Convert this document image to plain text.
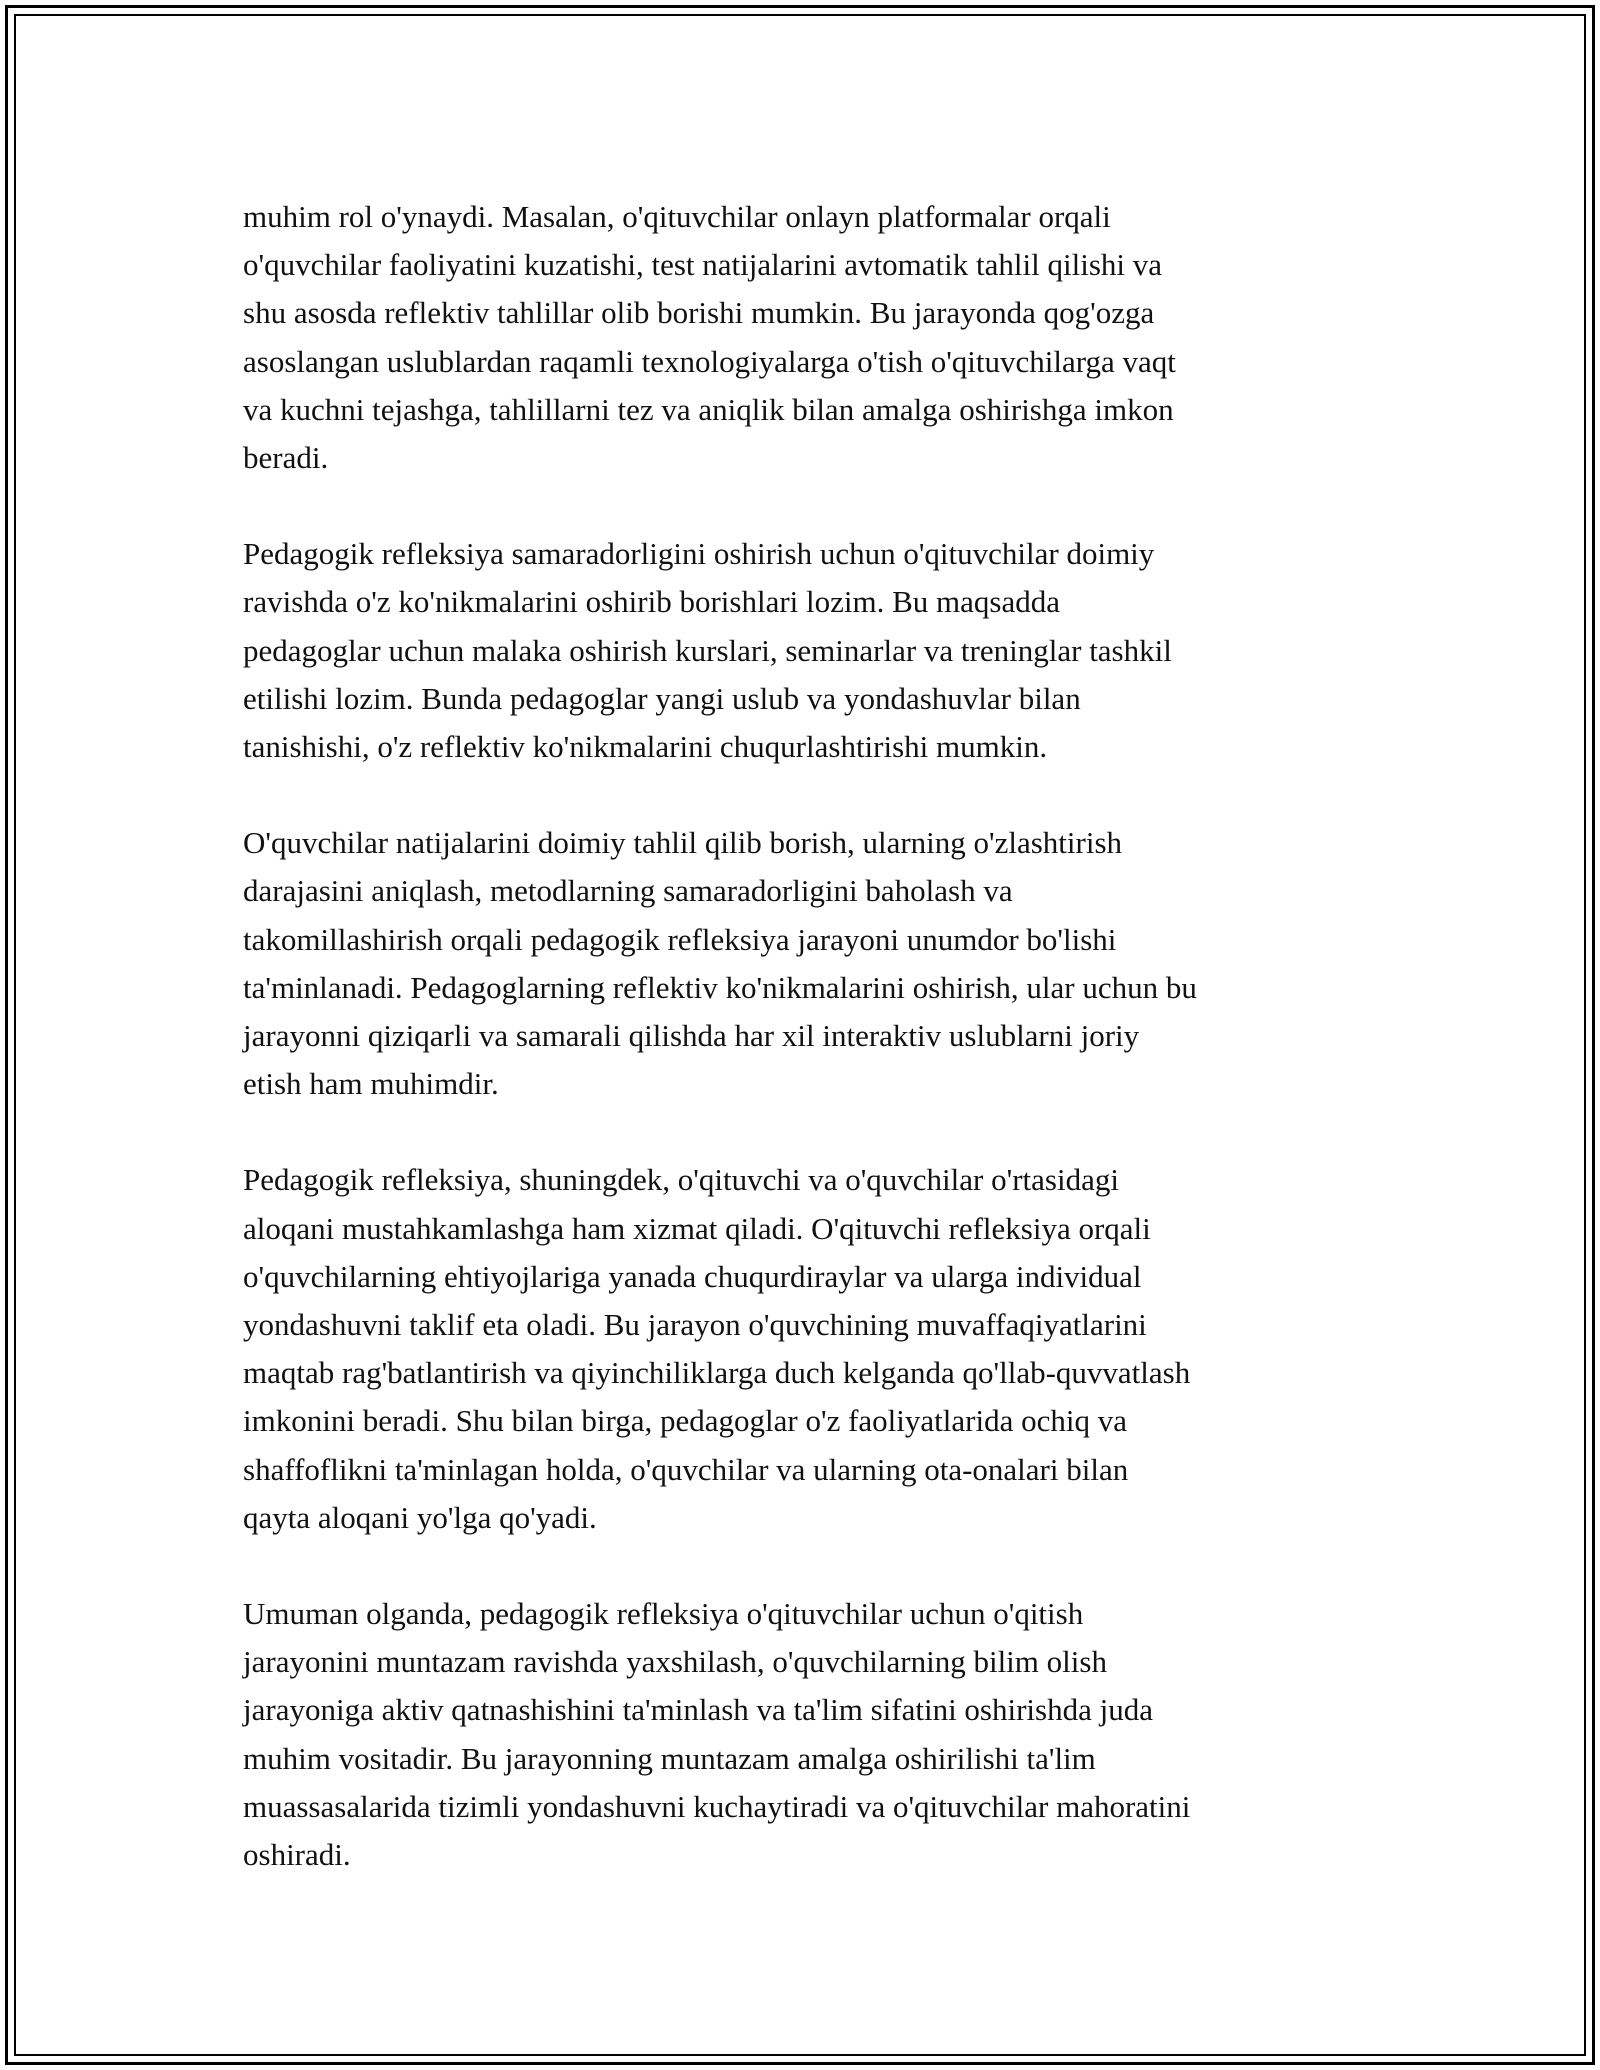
muhim rol o'ynaydi. Masalan, o'qituvchilar onlayn platformalar orqali
o'quvchilar faoliyatini kuzatishi, test natijalarini avtomatik tahlil qilishi va
shu asosda reflektiv tahlillar olib borishi mumkin. Bu jarayonda qog'ozga
asoslangan uslublardan raqamli texnologiyalarga o'tish o'qituvchilarga vaqt
va kuchni tejashga, tahlillarni tez va aniqlik bilan amalga oshirishga imkon
beradi.

Pedagogik refleksiya samaradorligini oshirish uchun o'qituvchilar doimiy
ravishda o'z ko'nikmalarini oshirib borishlari lozim. Bu maqsadda
pedagoglar uchun malaka oshirish kurslari, seminarlar va treninglar tashkil
etilishi lozim. Bunda pedagoglar yangi uslub va yondashuvlar bilan
tanishishi, o'z reflektiv ko'nikmalarini chuqurlashtirishi mumkin.

O'quvchilar natijalarini doimiy tahlil qilib borish, ularning o'zlashtirish
darajasini aniqlash, metodlarning samaradorligini baholash va
takomillashirish orqali pedagogik refleksiya jarayoni unumdor bo'lishi
ta'minlanadi. Pedagoglarning reflektiv ko'nikmalarini oshirish, ular uchun bu
jarayonni qiziqarli va samarali qilishda har xil interaktiv uslublarni joriy
etish ham muhimdir.

Pedagogik refleksiya, shuningdek, o'qituvchi va o'quvchilar o'rtasidagi
aloqani mustahkamlashga ham xizmat qiladi. O'qituvchi refleksiya orqali
o'quvchilarning ehtiyojlariga yanada chuqurdiraylar va ularga individual
yondashuvni taklif eta oladi. Bu jarayon o'quvchining muvaffaqiyatlarini
maqtab rag'batlantirish va qiyinchiliklarga duch kelganda qo'llab-quvvatlash
imkonini beradi. Shu bilan birga, pedagoglar o'z faoliyatlarida ochiq va
shaffoflikni ta'minlagan holda, o'quvchilar va ularning ota-onalari bilan
qayta aloqani yo'lga qo'yadi.

Umuman olganda, pedagogik refleksiya o'qituvchilar uchun o'qitish
jarayonini muntazam ravishda yaxshilash, o'quvchilarning bilim olish
jarayoniga aktiv qatnashishini ta'minlash va ta'lim sifatini oshirishda juda
muhim vositadir. Bu jarayonning muntazam amalga oshirilishi ta'lim
muassasalarida tizimli yondashuvni kuchaytiradi va o'qituvchilar mahoratini
oshiradi.
